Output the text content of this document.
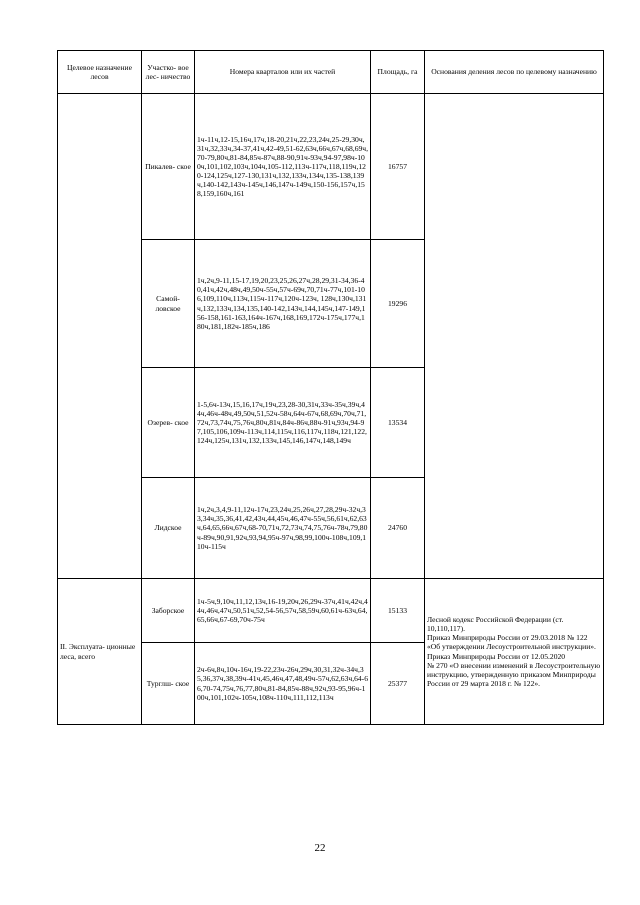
Целевое назначение лесов	Участко- вое лес- ничество	Номера кварталов или их частей	Площадь, га	Основания деления лесов по целевому назначению
	Пикалев- ское	1ч-11ч,12-15,16ч,17ч,18-20,21ч,22,23,24ч,25-29,30ч,31ч,32,33ч,34-37,41ч,42-49,51-62,63ч,66ч,67ч,68,69ч,70-79,80ч,81-84,85ч-87ч,88-90,91ч-93ч,94-97,98ч-100ч,101,102,103ч,104ч,105-112,113ч-117ч,118,119ч,120-124,125ч,127-130,131ч,132,133ч,134ч,135-138,139ч,140-142,143ч-145ч,146,147ч-149ч,150-156,157ч,158,159,160ч,161	16757	
	Самой- ловское	1ч,2ч,9-11,15-17,19,20,23,25,26,27ч,28,29,31-34,36-40,41ч,42ч,48ч,49,50ч-55ч,57ч-69ч,70,71ч-77ч,101-106,109,110ч,113ч,115ч-117ч,120ч-123ч, 128ч,130ч,131ч,132,133ч,134,135,140-142,143ч,144,145ч,147-149,156-158,161-163,164ч-167ч,168,169,172ч-175ч,177ч,180ч,181,182ч-185ч,186	19296	
	Озерев- ское	1-5,6ч-13ч,15,16,17ч,19ч,23,28-30,31ч,33ч-35ч,39ч,44ч,46ч-48ч,49,50ч,51,52ч-58ч,64ч-67ч,68,69ч,70ч,71,72ч,73,74ч,75,76ч,80ч,81ч,84ч-86ч,88ч-91ч,93ч,94-97,105,106,109ч-113ч,114,115ч,116,117ч,118ч,121,122,124ч,125ч,131ч,132,133ч,145,146,147ч,148,149ч	13534	
	Лидское	1ч,2ч,3,4,9-11,12ч-17ч,23,24ч,25,26ч,27,28,29ч-32ч,33,34ч,35,36,41,42,43ч,44,45ч,46,47ч-55ч,56,61ч,62,63ч,64,65,66ч,67ч,68-70,71ч,72,73ч,74,75,76ч-78ч,79,80ч-89ч,90,91,92ч,93,94,95ч-97ч,98,99,100ч-108ч,109,110ч-115ч	24760	
II. Эксплуата- ционные леса, всего	Заборское	1ч-5ч,9,10ч,11,12,13ч,16-19,20ч,26,29ч-37ч,41ч,42ч,44ч,46ч,47ч,50,51ч,52,54-56,57ч,58,59ч,60,61ч-63ч,64,65,66ч,67-69,70ч-75ч	15133	Лесной кодекс Российской Федерации (ст. 10,110,117).
Приказ Минприроды России от 29.03.2018 № 122 «Об утверждении Лесоустроительной инструкции».
Приказ Минприроды России от 12.05.2020
№ 270 «О внесении изменений в Лесоустроительную инструкцию, утвержденную приказом Минприроды России от 29 марта 2018 г. № 122».

	Турглш- ское	2ч-6ч,8ч,10ч-16ч,19-22,23ч-26ч,29ч,30,31,32ч-34ч,35,36,37ч,38,39ч-41ч,45,46ч,47,48,49ч-57ч,62,63ч,64-66,70-74,75ч,76,77,80ч,81-84,85ч-88ч,92ч,93-95,96ч-100ч,101,102ч-105ч,108ч-110ч,111,112,113ч	25377	
22
